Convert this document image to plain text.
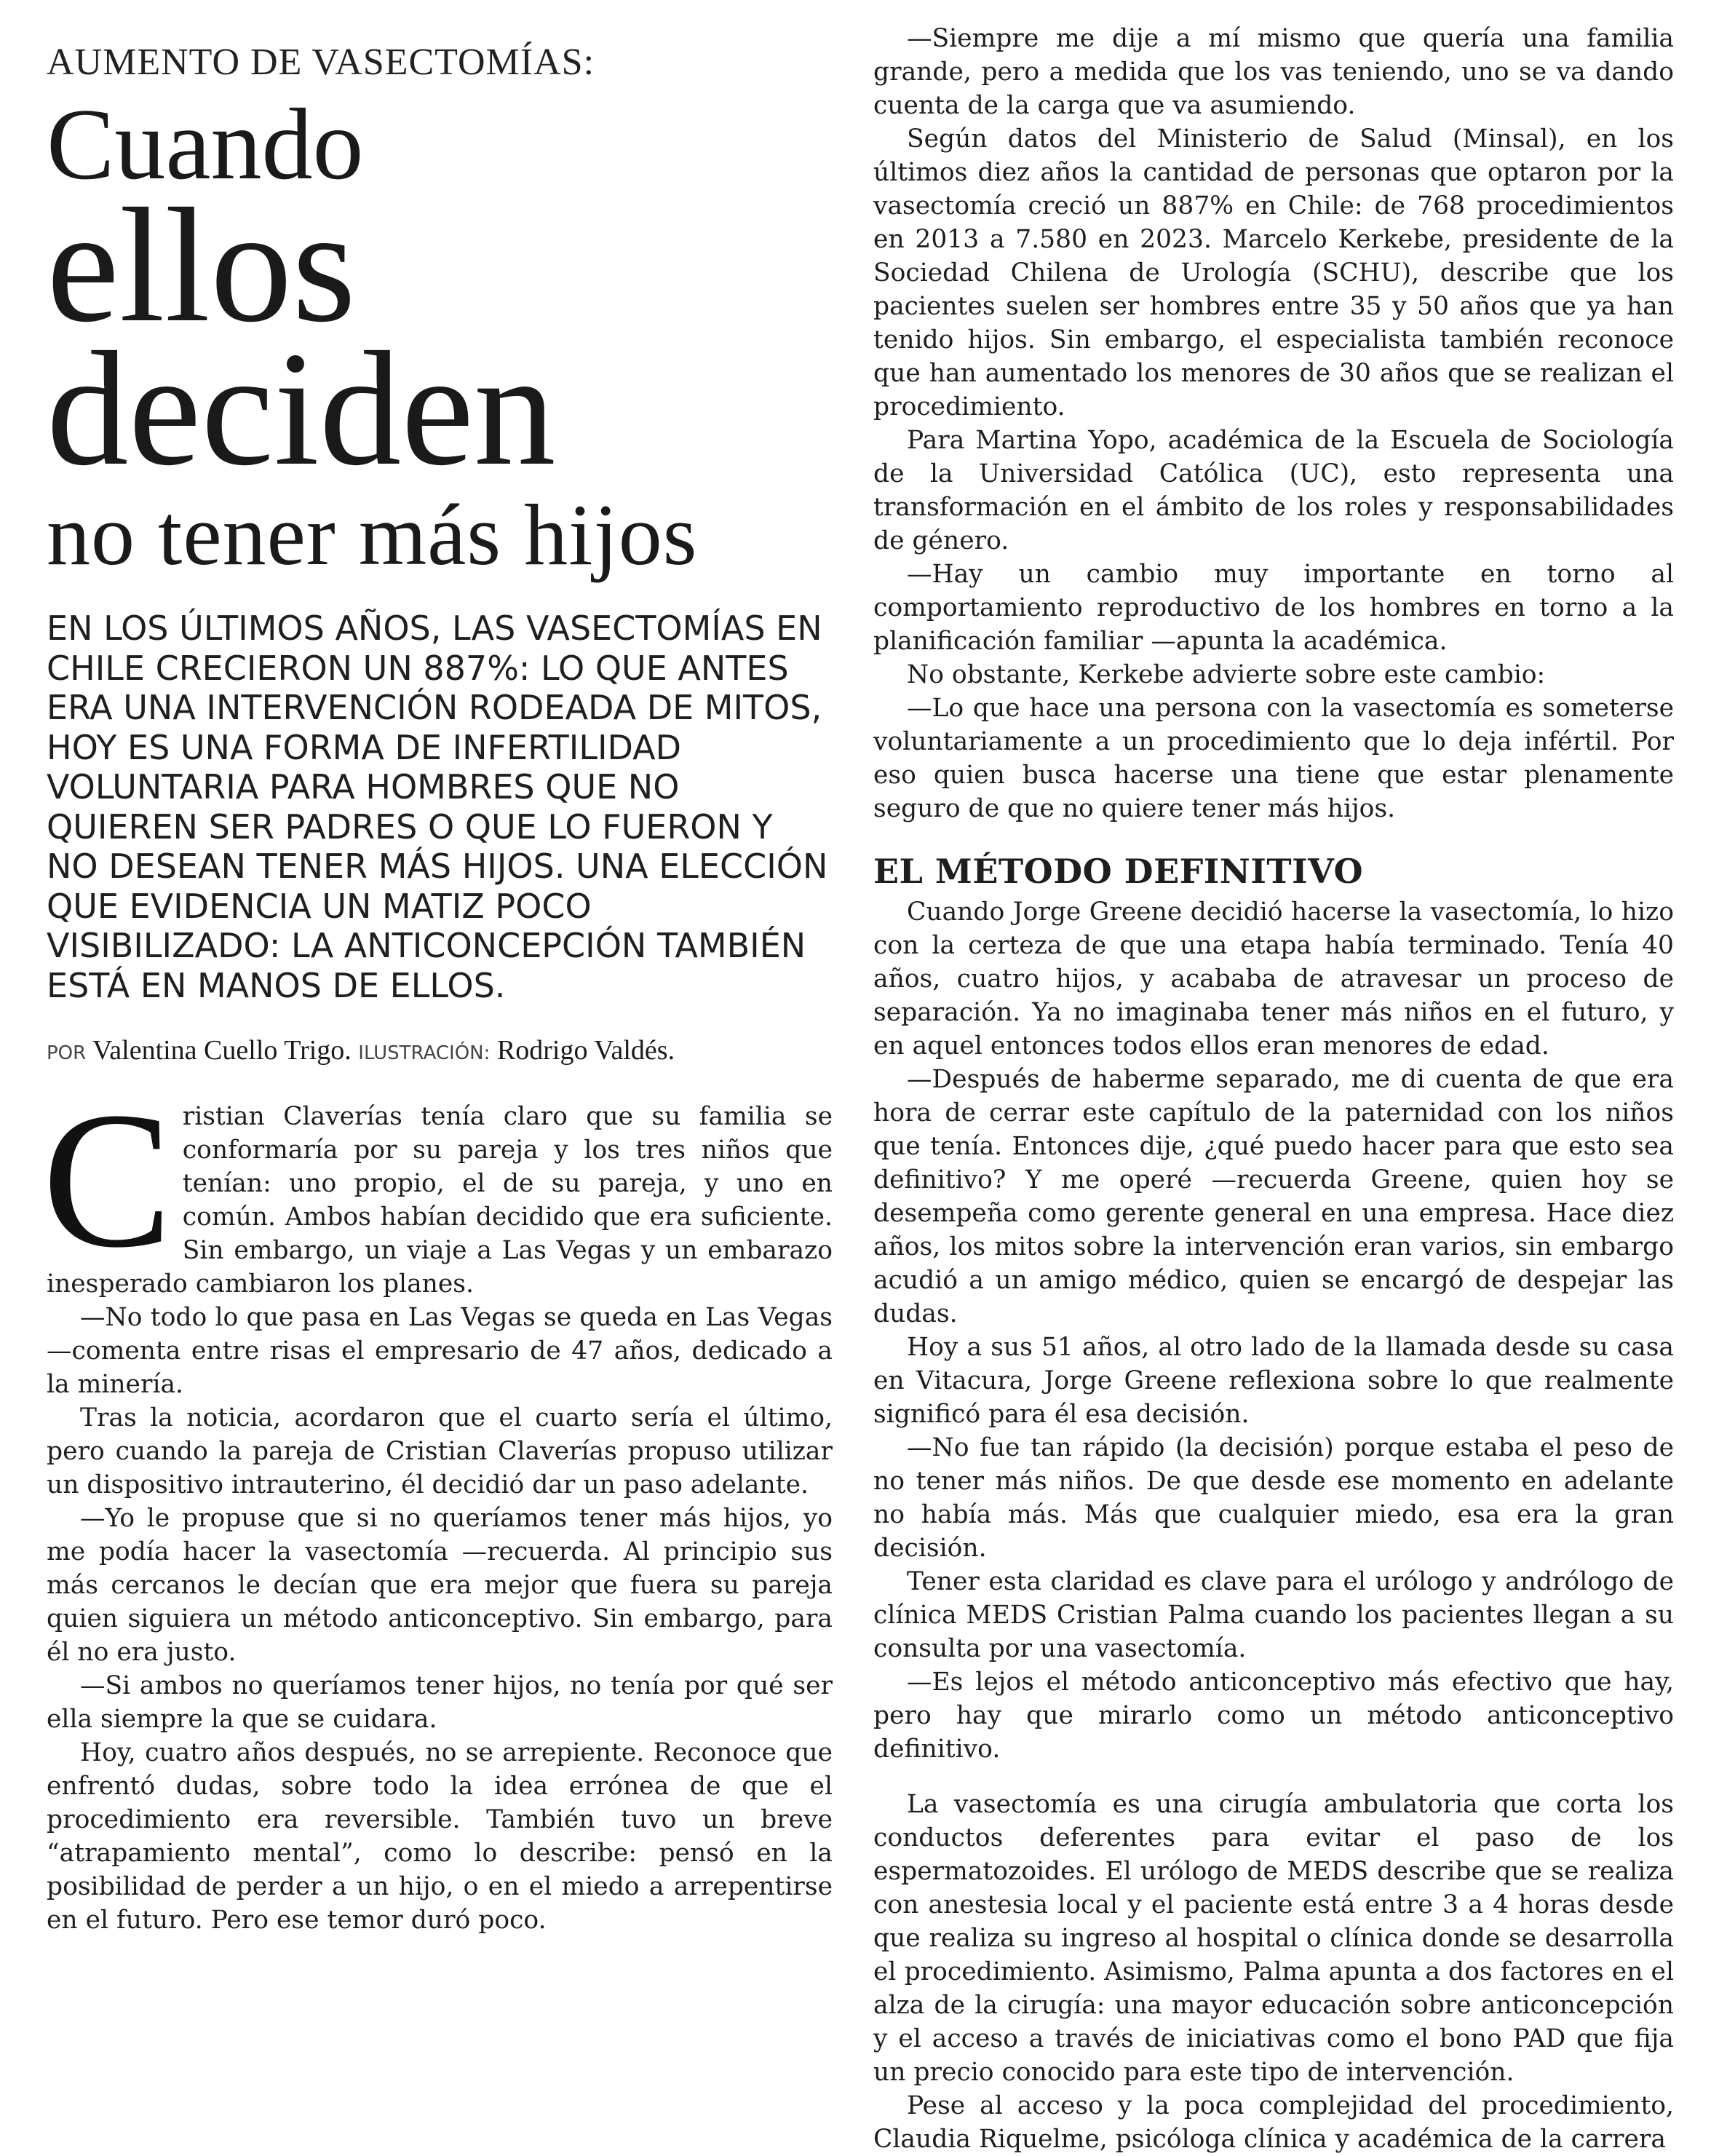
AUMENTO DE VASECTOMÍAS:
Cuando
ellos
deciden
no tener más hijos
EN LOS ÚLTIMOS AÑOS, LAS VASECTOMÍAS EN CHILE CRECIERON UN 887%: LO QUE ANTES ERA UNA INTERVENCIÓN RODEADA DE MITOS, HOY ES UNA FORMA DE INFERTILIDAD VOLUNTARIA PARA HOMBRES QUE NO QUIEREN SER PADRES O QUE LO FUERON Y NO DESEAN TENER MÁS HIJOS. UNA ELECCIÓN QUE EVIDENCIA UN MATIZ POCO VISIBILIZADO: LA ANTICONCEPCIÓN TAMBIÉN ESTÁ EN MANOS DE ELLOS.
POR Valentina Cuello Trigo. ILUSTRACIÓN: Rodrigo Valdés.

Cristian Claverías tenía claro que su familia se conformaría por su pareja y los tres niños que tenían: uno propio, el de su pareja, y uno en común. Ambos habían decidido que era suficiente. Sin embargo, un viaje a Las Vegas y un embarazo inesperado cambiaron los planes.

—No todo lo que pasa en Las Vegas se queda en Las Vegas —comenta entre risas el empresario de 47 años, dedicado a la minería.

Tras la noticia, acordaron que el cuarto sería el último, pero cuando la pareja de Cristian Claverías propuso utilizar un dispositivo intrauterino, él decidió dar un paso adelante.

—Yo le propuse que si no queríamos tener más hijos, yo me podía hacer la vasectomía —recuerda. Al principio sus más cercanos le decían que era mejor que fuera su pareja quien siguiera un método anticonceptivo. Sin embargo, para él no era justo.

—Si ambos no queríamos tener hijos, no tenía por qué ser ella siempre la que se cuidara.

Hoy, cuatro años después, no se arrepiente. Reconoce que enfrentó dudas, sobre todo la idea errónea de que el procedimiento era reversible. También tuvo un breve “atrapamiento mental”, como lo describe: pensó en la posibilidad de perder a un hijo, o en el miedo a arrepentirse en el futuro. Pero ese temor duró poco.

—Siempre me dije a mí mismo que quería una familia grande, pero a medida que los vas teniendo, uno se va dando cuenta de la carga que va asumiendo.

Según datos del Ministerio de Salud (Minsal), en los últimos diez años la cantidad de personas que optaron por la vasectomía creció un 887% en Chile: de 768 procedimientos en 2013 a 7.580 en 2023. Marcelo Kerkebe, presidente de la Sociedad Chilena de Urología (SCHU), describe que los pacientes suelen ser hombres entre 35 y 50 años que ya han tenido hijos. Sin embargo, el especialista también reconoce que han aumentado los menores de 30 años que se realizan el procedimiento.

Para Martina Yopo, académica de la Escuela de Sociología de la Universidad Católica (UC), esto representa una transformación en el ámbito de los roles y responsabilidades de género.

—Hay un cambio muy importante en torno al comportamiento reproductivo de los hombres en torno a la planificación familiar —apunta la académica.

No obstante, Kerkebe advierte sobre este cambio:

—Lo que hace una persona con la vasectomía es someterse voluntariamente a un procedimiento que lo deja infértil. Por eso quien busca hacerse una tiene que estar plenamente seguro de que no quiere tener más hijos.

EL MÉTODO DEFINITIVO

Cuando Jorge Greene decidió hacerse la vasectomía, lo hizo con la certeza de que una etapa había terminado. Tenía 40 años, cuatro hijos, y acababa de atravesar un proceso de separación. Ya no imaginaba tener más niños en el futuro, y en aquel entonces todos ellos eran menores de edad.

—Después de haberme separado, me di cuenta de que era hora de cerrar este capítulo de la paternidad con los niños que tenía. Entonces dije, ¿qué puedo hacer para que esto sea definitivo? Y me operé —recuerda Greene, quien hoy se desempeña como gerente general en una empresa. Hace diez años, los mitos sobre la intervención eran varios, sin embargo acudió a un amigo médico, quien se encargó de despejar las dudas.

Hoy a sus 51 años, al otro lado de la llamada desde su casa en Vitacura, Jorge Greene reflexiona sobre lo que realmente significó para él esa decisión.

—No fue tan rápido (la decisión) porque estaba el peso de no tener más niños. De que desde ese momento en adelante no había más. Más que cualquier miedo, esa era la gran decisión.

Tener esta claridad es clave para el urólogo y andrólogo de clínica MEDS Cristian Palma cuando los pacientes llegan a su consulta por una vasectomía.

—Es lejos el método anticonceptivo más efectivo que hay, pero hay que mirarlo como un método anticonceptivo definitivo.

La vasectomía es una cirugía ambulatoria que corta los conductos deferentes para evitar el paso de los espermatozoides. El urólogo de MEDS describe que se realiza con anestesia local y el paciente está entre 3 a 4 horas desde que realiza su ingreso al hospital o clínica donde se desarrolla el procedimiento. Asimismo, Palma apunta a dos factores en el alza de la cirugía: una mayor educación sobre anticoncepción y el acceso a través de iniciativas como el bono PAD que fija un precio conocido para este tipo de intervención.

Pese al acceso y la poca complejidad del procedimiento, Claudia Riquelme, psicóloga clínica y académica de la carrera
